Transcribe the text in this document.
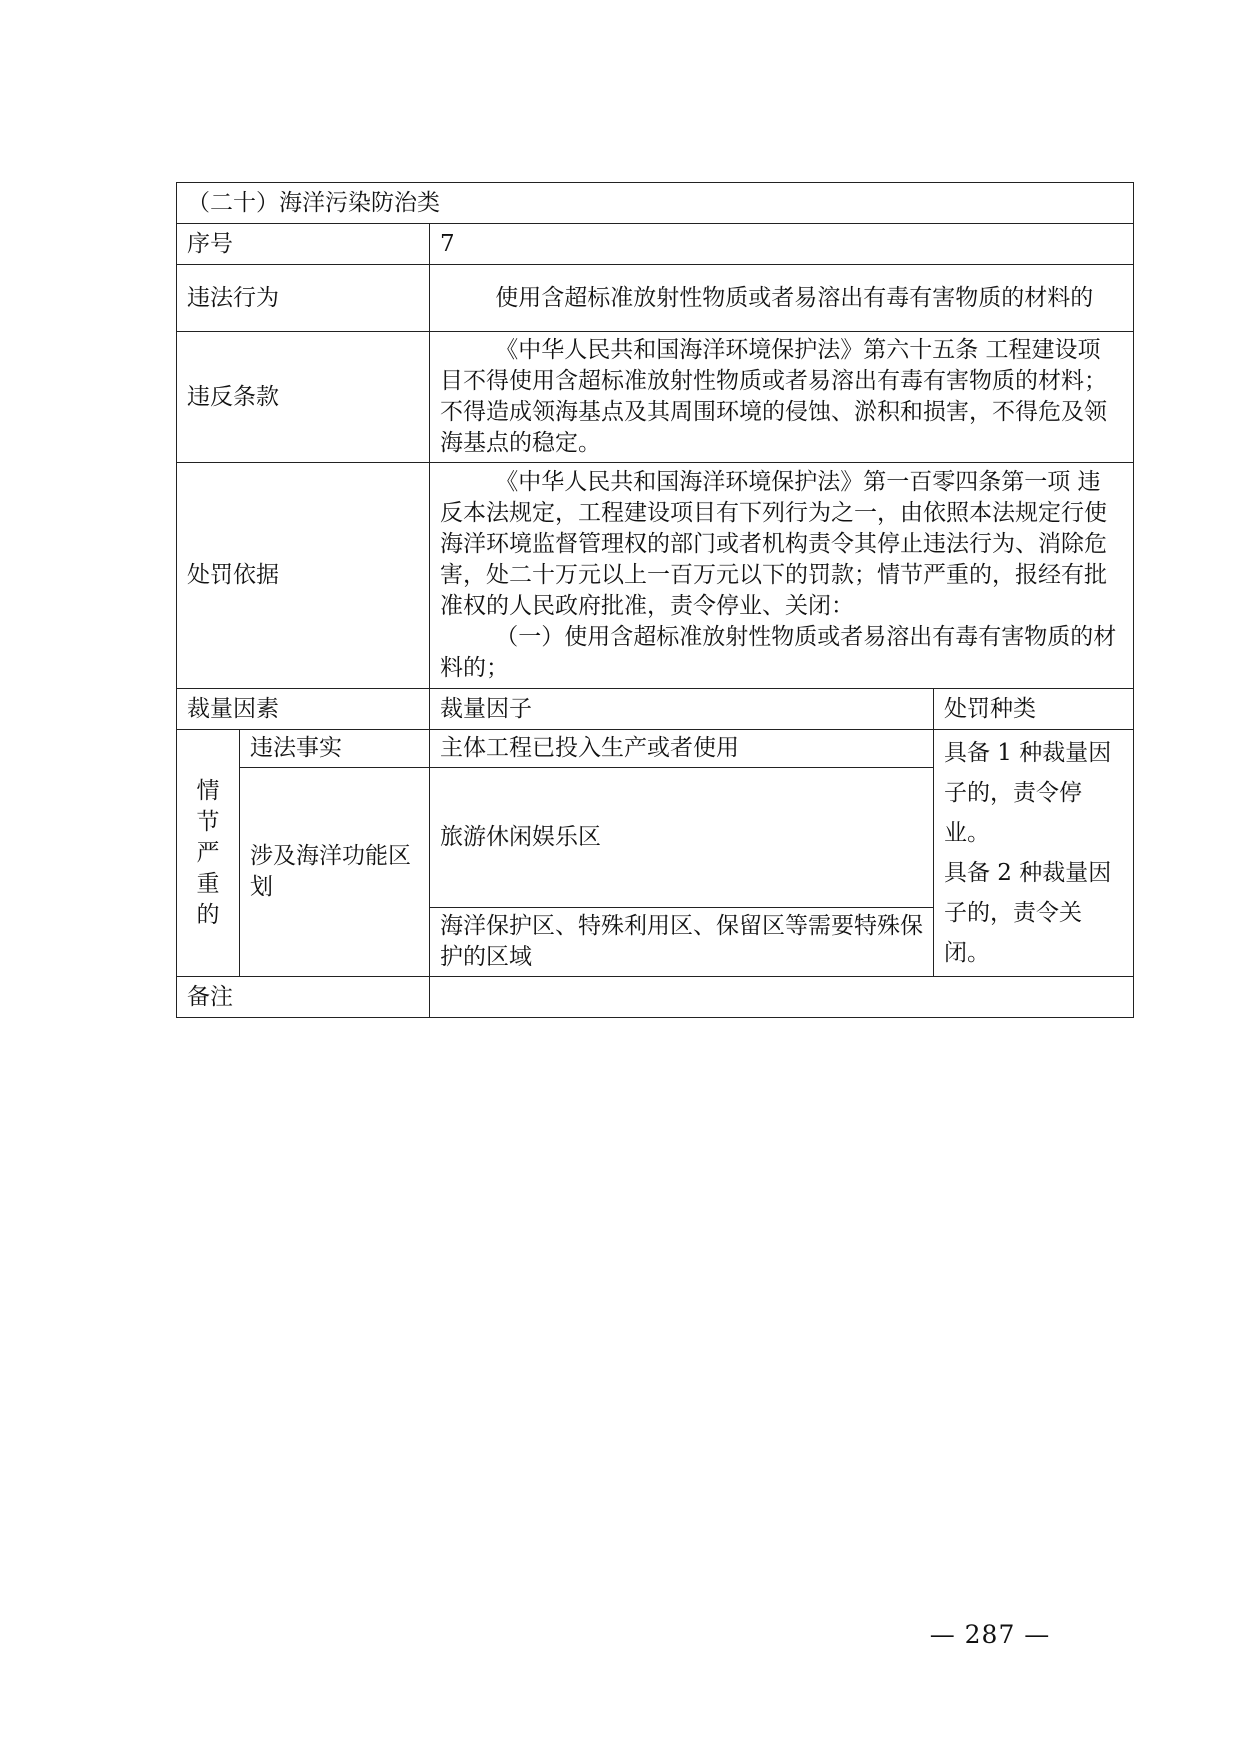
（二十）海洋污染防治类			
序号		7	
违法行为		使用含超标准放射性物质或者易溶出有毒有害物质的材料的	
违反条款		《中华人民共和国海洋环境保护法》第六十五条 工程建设项目不得使用含超标准放射性物质或者易溶出有毒有害物质的材料；不得造成领海基点及其周围环境的侵蚀、淤积和损害，不得危及领海基点的稳定。	

处罚依据		《中华人民共和国海洋环境保护法》第一百零四条第一项 违反本法规定，工程建设项目有下列行为之一，由依照本法规定行使海洋环境监督管理权的部门或者机构责令其停止违法行为、消除危害，处二十万元以上一百万元以下的罚款；情节严重的，报经有批准权的人民政府批准，责令停业、关闭：
（一）使用含超标准放射性物质或者易溶出有毒有害物质的材料的；	

裁量因素		裁量因子	处罚种类

情节严重的	违法事实	主体工程已投入生产或者使用	具备 1 种裁量因子的，责令停业。
具备 2 种裁量因子的，责令关闭。

	涉及海洋功能区划	旅游休闲娱乐区	
		海洋保护区、特殊利用区、保留区等需要特殊保护的区域	
备注			
— 287 —
